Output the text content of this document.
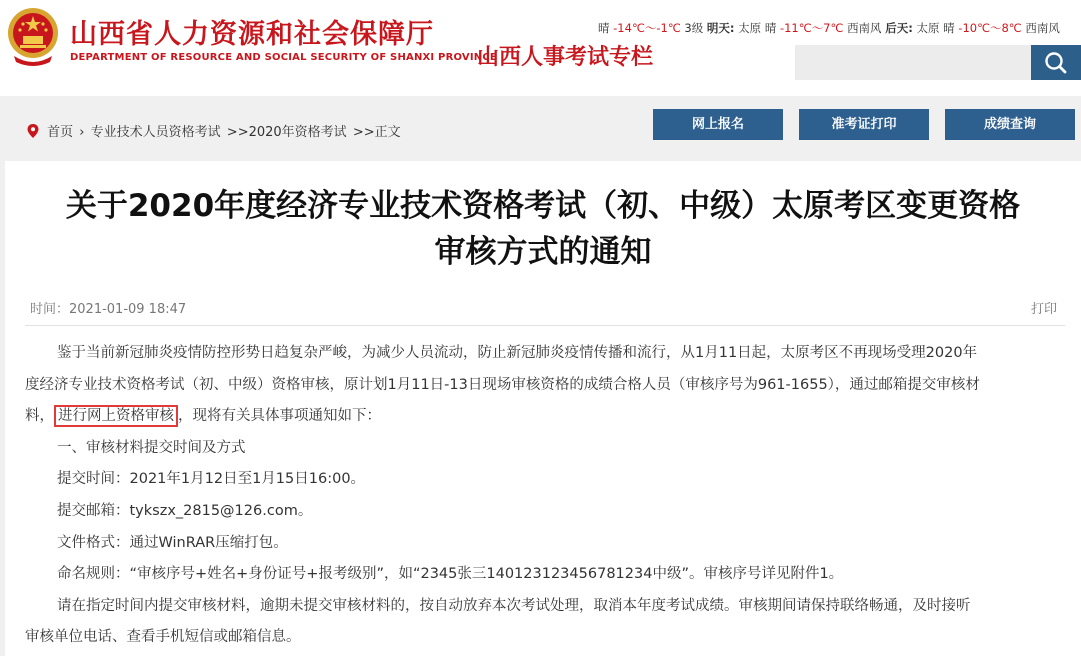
山西省人力资源和社会保障厅
DEPARTMENT OF RESOURCE AND SOCIAL SECURITY OF SHANXI PROVINCE
山西人事考试专栏
晴 -14℃～-1℃ 3级 明天: 太原 晴 -11℃～7℃ 西南风 后天: 太原 晴 -10℃～8℃ 西南风
首页 › 专业技术人员资格考试 >>2020年资格考试 >>正文
网上报名	准考证打印	成绩查询
关于2020年度经济专业技术资格考试（初、中级）太原考区变更资格
审核方式的通知
时间：2021-01-09 18:47	打印

鉴于当前新冠肺炎疫情防控形势日趋复杂严峻，为减少人员流动，防止新冠肺炎疫情传播和流行，从1月11日起，太原考区不再现场受理2020年

度经济专业技术资格考试（初、中级）资格审核，原计划1月11日-13日现场审核资格的成绩合格人员（审核序号为961-1655），通过邮箱提交审核材

料， 进行网上资格审核 ，现将有关具体事项通知如下：

一、审核材料提交时间及方式

提交时间：2021年1月12日至1月15日16:00。

提交邮箱：tykszx_2815@126.com。

文件格式：通过WinRAR压缩打包。

命名规则：“审核序号+姓名+身份证号+报考级别”，如“2345张三140123123456781234中级”。审核序号详见附件1。

请在指定时间内提交审核材料，逾期未提交审核材料的，按自动放弃本次考试处理，取消本年度考试成绩。审核期间请保持联络畅通，及时接听

审核单位电话、查看手机短信或邮箱信息。
